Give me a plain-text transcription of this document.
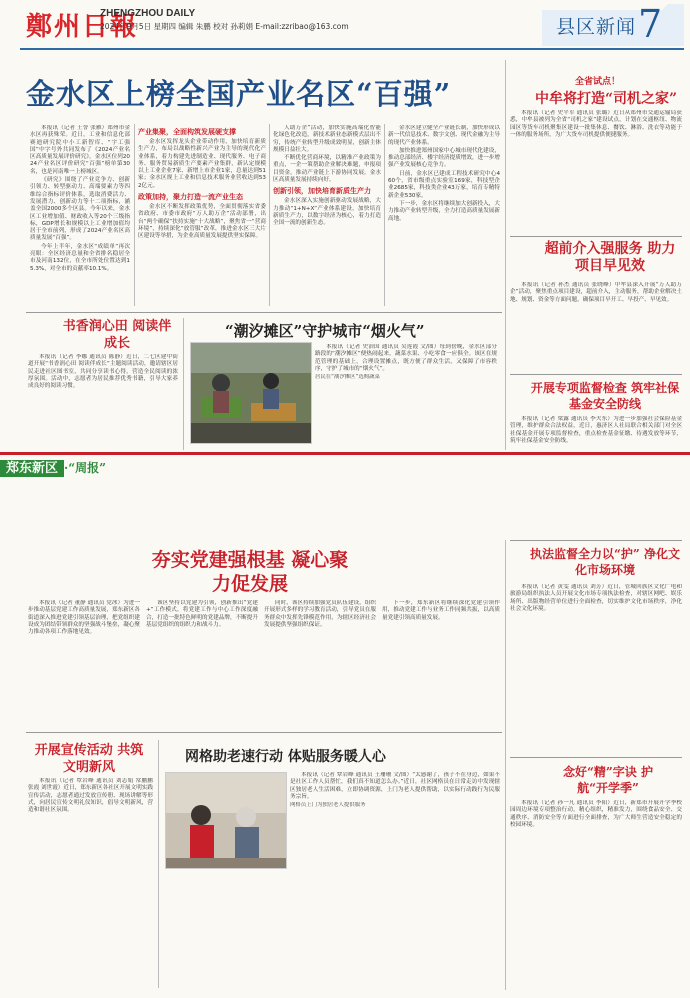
鄭州日報
ZHENGZHOU DAILY
2024年9月5日 星期四 编辑 朱鹏 校对 孙莉娟 E-mail:zzribao@163.com	县区新闻 7
金水区上榜全国产业名区“百强”

本报讯（记者 王誉 张雁）郑州市金水区再获殊荣。近日，工业和信息化部赛迪研究院中小工新智库、“宇工强国”中字号外共同发布了《2024产业名区高质量发展评价研究》，金水区位列2024产业名区评价研究“百强”榜单第30名，也是河南唯一上榜城区。

《研究》围绕了产业竞争力、创新引领力、转型驱动力、高端要素力等四维综合指标评价体系，选取消费活力、发展潜力、创新动力等十二项指标，涵盖全国2000多个区县。今年以来，金水区工业增加值、财政收入等20个三级指标，GDP增长和规模以上工业增加值均居于全市前列，形成了2024产业名区高质量发展“百强”。

今年上半年，金水区“成绩单”再次亮眼：全区经济总量和全省排名稳居全市及河南132位，在全市所处位置达到15.3%，对全市的贡献率10.1%。

产业集聚，全面构筑发展硬支撑

金水区发挥龙头企业带动作用，加快培育新质生产力，布局以战略性新兴产业为主导的现代化产业体系，着力构建先进制造业、现代服务、电子商务、服务贸易新质生产要素产业集群，新认定规模以上工业企业7家、新增上市企业1家，总量达到51家；金水区规上工业和信息技术服务业营收达到532亿元。

政策加持，聚力打造一流产业生态

金水区不断发挥政策优势，全面贯彻落实省委省政府、市委市政府“万人助万企”活动部署，出台“两个确保”扶持实施“十大战略”，聚焦省一“营商环境”，持续深化“放管服”改革，推进金水区三大片区建设等举措，为企业高质量发展提供坚实保障。

人助万企”活动，加快实施高端化智能化绿色化改造，新技术新业态新模式层出不穷，传统产业转型升级成效明显，创新主体规模日益壮大。

不断优化营商环境，以精准产业政策为重点，一企一策帮助企业解决难题，申报项目资金，推动产业链上下游协同发展。金水区高质量发展持续向好。

创新引领，加快培育新质生产力

金水区深入实施创新驱动发展战略，大力推动“1+N+X”产业体系建设，加快培育新质生产力，以数字经济为核心，着力打造全国一流的创新生态。

金水区建立健全产业链长制，加快形成以新一代信息技术、数字文创、现代金融为主导的现代产业体系。

加快推进郑州国家中心城市现代化建设，推动总部经济、楼宇经济提质增效，进一步增强产业发展核心竞争力。

日前，金水区已建成工程技术研究中心460个，省市级重点实验室169家，科技型企业2685家，科技类企业43万家，培育专精特新企业530家。

下一步，金水区将继续加大创新投入，大力推动产业转型升级，全力打造高质量发展新高地。

全省试点！
中牟将打造“司机之家”

本报讯（记者 史平军 通讯员 张璐）近日从郑州市交通运输局获悉，中牟县被列为全省“司机之家”建设试点，计划在交通枢纽、物流园区等货车司机聚集区建设一批集休息、餐饮、淋浴、洗衣等功能于一体的服务场所，为广大货车司机提供便捷服务。

超前介入强服务 助力项目早见效

本报讯（记者 孙杰 通讯员 张晓峰）中牟县深入开展“万人助万企”活动，聚焦重点项目建设，超前介入，主动服务，帮助企业解决土地、规划、资金等方面问题，确保项目早开工、早投产、早见效。

开展专项监督检查 筑牢社保基金安全防线

本报讯（记者 梁露 通讯员 李夫东）为进一步加强社会保险基金管理，维护群众合法权益，近日，惠济区人社局联合相关部门对全区社保基金开展专项监督检查，重点检查基金征缴、待遇发放等环节，筑牢社保基金安全防线。

执法监督全力以“护” 净化文化市场环境

本报讯（记者 黄雯 通讯员 刘芳）近日，管城回族区文化广电和旅游局组织执法人员开展文化市场专项执法检查，对辖区网吧、娱乐场所、出版物经营单位进行全面检查，切实维护文化市场秩序，净化社会文化环境。

念好“精”字诀 护航“开学季”

本报讯（记者 孙一凡 通讯员 李阳）近日，新郑市开展开学季校园周边环境专项整治行动，精心组织，精准发力，围绕食品安全、交通秩序、消防安全等方面进行全面排查，为广大师生营造安全稳定的校园环境。

书香润心田 阅读伴成长

本报讯（记者 李娜 通讯员 陈静）近日，二七区建中街道开展“书香润心田 阅读伴成长”主题阅读活动，邀请辖区居民走进社区图书室，共同分享读书心得，营造全民阅读的浓厚氛围。活动中，志愿者为居民推荐优秀书籍，引导大家养成良好的阅读习惯。

“潮汐摊区”守护城市“烟火气”

本报讯（记者 史治国 通讯员 吴莲霞 文/图）每到傍晚，金水区部分路段的“潮汐摊区”便热闹起来，蔬菜水果、小吃零食一应俱全。该区在规范管理的基础上，合理设置摊点，既方便了群众生活，又保障了市容秩序，守护了城市的“烟火气”。

居民在“潮汐摊区”选购蔬菜
郑东新区 ·“周报”
夯实党建强根基 凝心聚力促发展

本报讯（记者 董静 通讯员 党冰）为进一步推动基层党建工作高质量发展，郑东新区各街道深入推进党建引领基层治理，把党组织建设成为团结带领群众的坚强战斗堡垒，凝心聚力推动各项工作落地见效。

该区坚持以党建为引领，创新推出“党建+”工作模式，将党建工作与中心工作深度融合，打造一批特色鲜明的党建品牌，不断提升基层党组织的组织力和战斗力。

同时，该区持续加强党员队伍建设，组织开展形式多样的学习教育活动，引导党员在服务群众中发挥先锋模范作用，为辖区经济社会发展提供坚强组织保证。

下一步，郑东新区将继续深化党建引领作用，推动党建工作与业务工作同频共振，以高质量党建引领高质量发展。

开展宣传活动 共筑文明新风

本报讯（记者 覃岩峰 通讯员 刘志娟 常鹏鹏 张霞 刘世霞）近日，郑东新区各社区开展文明实践宣传活动，志愿者通过发放宣传册、现场讲解等形式，向居民宣传文明礼仪知识，倡导文明新风，营造和谐社区氛围。

网格助老速行动 体贴服务暖人心

本报讯（记者 覃岩峰 通讯员 王珊珊 文/图）“太感谢了，孩子不在身边，如果不是社区工作人员帮忙，我们真不知道怎么办。”近日，社区网格员在日常走访中发现辖区独居老人生活困难，立即协调资源，上门为老人提供帮助，以实际行动践行为民服务宗旨。

网格员上门为独居老人提供服务
